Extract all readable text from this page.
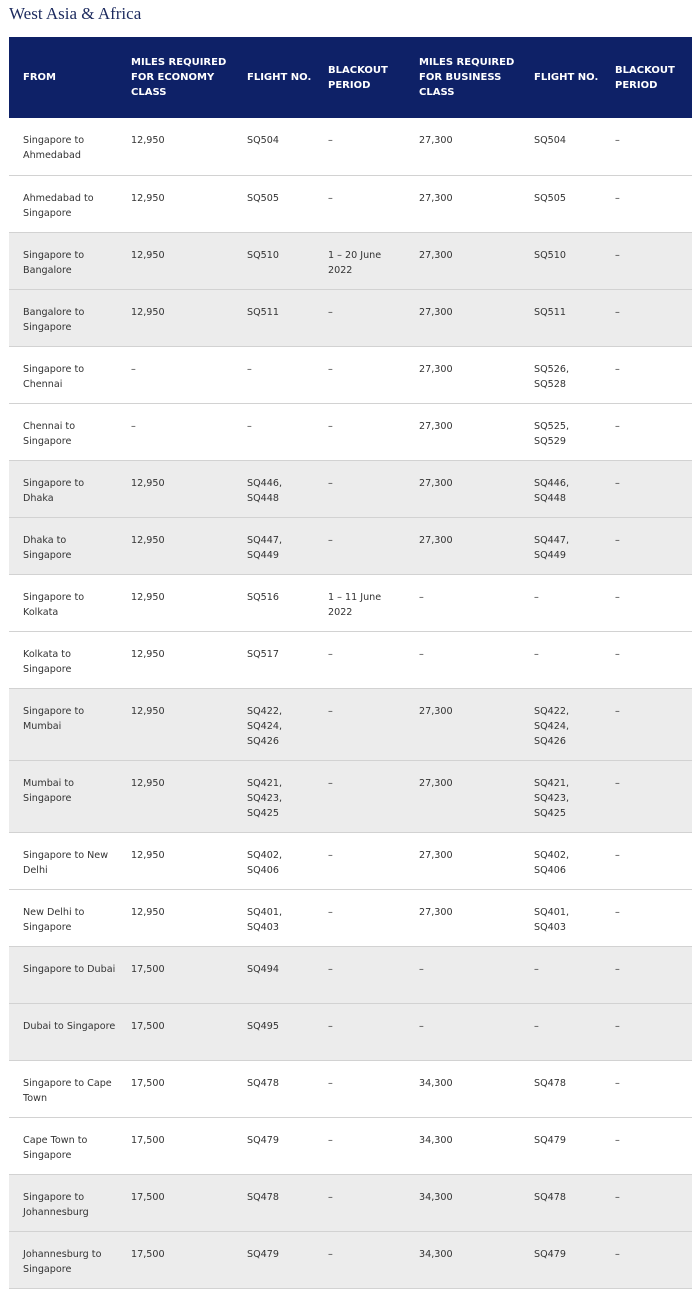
West Asia & Africa
FROM	MILES REQUIRED FOR ECONOMY CLASS	FLIGHT NO.	BLACKOUT PERIOD	MILES REQUIRED FOR BUSINESS CLASS	FLIGHT NO.	BLACKOUT PERIOD
Singapore to Ahmedabad	12,950	SQ504	–	27,300	SQ504	–
Ahmedabad to Singapore	12,950	SQ505	–	27,300	SQ505	–
Singapore to Bangalore	12,950	SQ510	1 – 20 June 2022	27,300	SQ510	–
Bangalore to Singapore	12,950	SQ511	–	27,300	SQ511	–
Singapore to Chennai	–	–	–	27,300	SQ526, SQ528	–
Chennai to Singapore	–	–	–	27,300	SQ525, SQ529	–
Singapore to Dhaka	12,950	SQ446, SQ448	–	27,300	SQ446, SQ448	–
Dhaka to Singapore	12,950	SQ447, SQ449	–	27,300	SQ447, SQ449	–
Singapore to Kolkata	12,950	SQ516	1 – 11 June 2022	–	–	–
Kolkata to Singapore	12,950	SQ517	–	–	–	–
Singapore to Mumbai	12,950	SQ422, SQ424, SQ426	–	27,300	SQ422, SQ424, SQ426	–
Mumbai to Singapore	12,950	SQ421, SQ423, SQ425	–	27,300	SQ421, SQ423, SQ425	–
Singapore to New Delhi	12,950	SQ402, SQ406	–	27,300	SQ402, SQ406	–
New Delhi to Singapore	12,950	SQ401, SQ403	–	27,300	SQ401, SQ403	–
Singapore to Dubai	17,500	SQ494	–	–	–	–
Dubai to Singapore	17,500	SQ495	–	–	–	–
Singapore to Cape Town	17,500	SQ478	–	34,300	SQ478	–
Cape Town to Singapore	17,500	SQ479	–	34,300	SQ479	–
Singapore to Johannesburg	17,500	SQ478	–	34,300	SQ478	–
Johannesburg to Singapore	17,500	SQ479	–	34,300	SQ479	–
